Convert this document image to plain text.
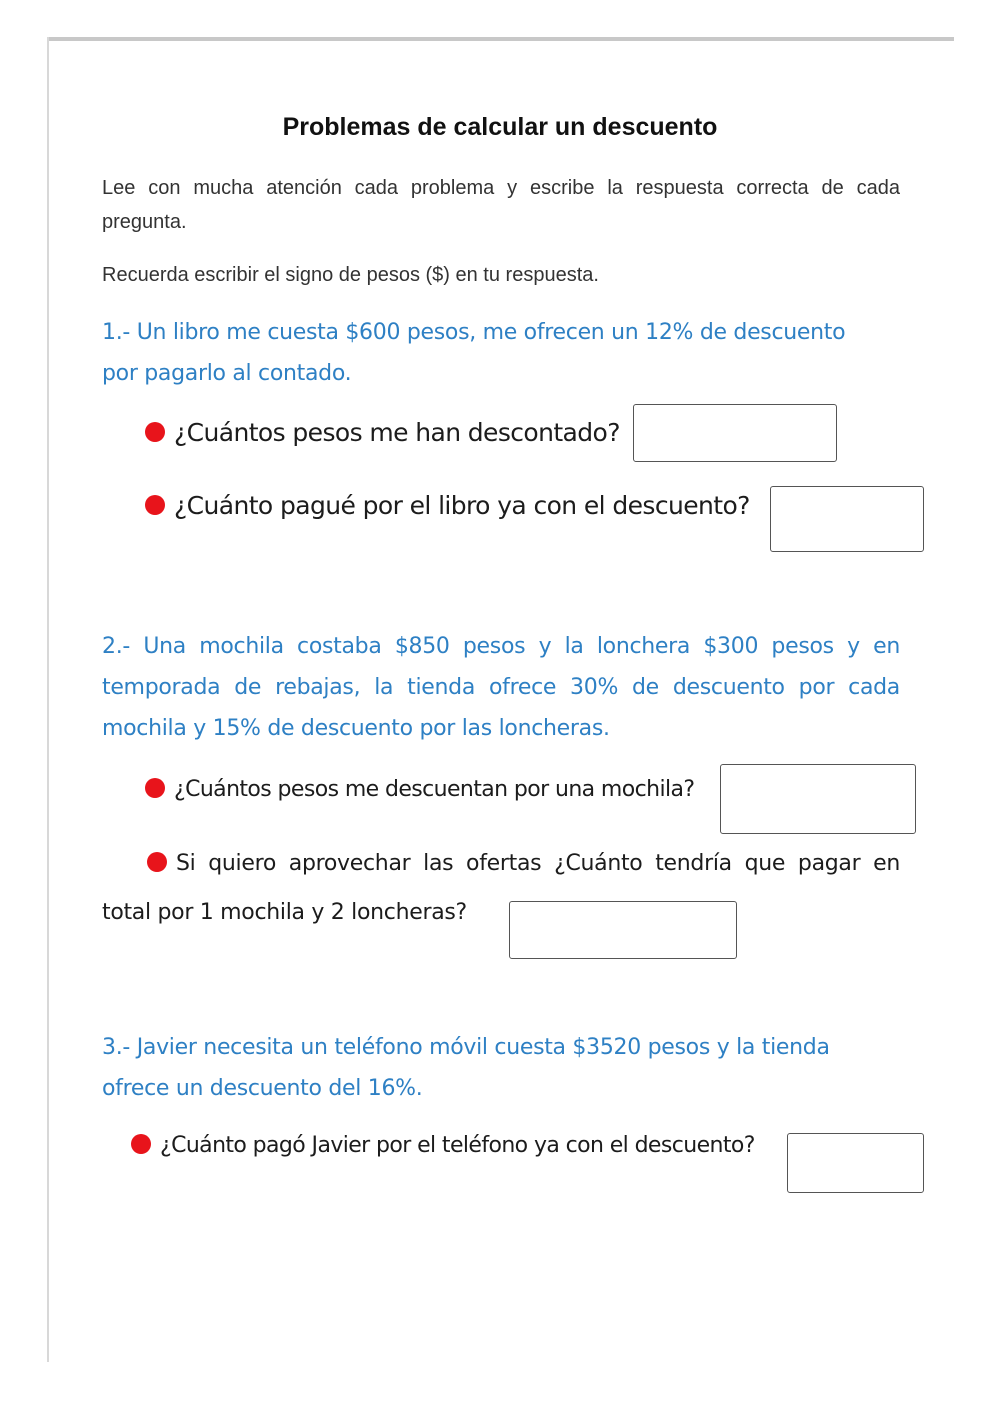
Problemas de calcular un descuento
Lee con mucha atención cada problema y escribe la respuesta correcta de cada pregunta.
Recuerda escribir el signo de pesos ($) en tu respuesta.
1.- Un libro me cuesta $600 pesos, me ofrecen un 12% de descuento por pagarlo al contado.
¿Cuántos pesos me han descontado?
¿Cuánto pagué por el libro ya con el descuento?
2.- Una mochila costaba $850 pesos y la lonchera $300 pesos y en temporada de rebajas, la tienda ofrece 30% de descuento por cada mochila y 15% de descuento por las loncheras.
¿Cuántos pesos me descuentan por una mochila?
Si quiero aprovechar las ofertas ¿Cuánto tendría que pagar en total por 1 mochila y 2 loncheras?
3.- Javier necesita un teléfono móvil cuesta $3520 pesos y la tienda ofrece un descuento del 16%.
¿Cuánto pagó Javier por el teléfono ya con el descuento?
